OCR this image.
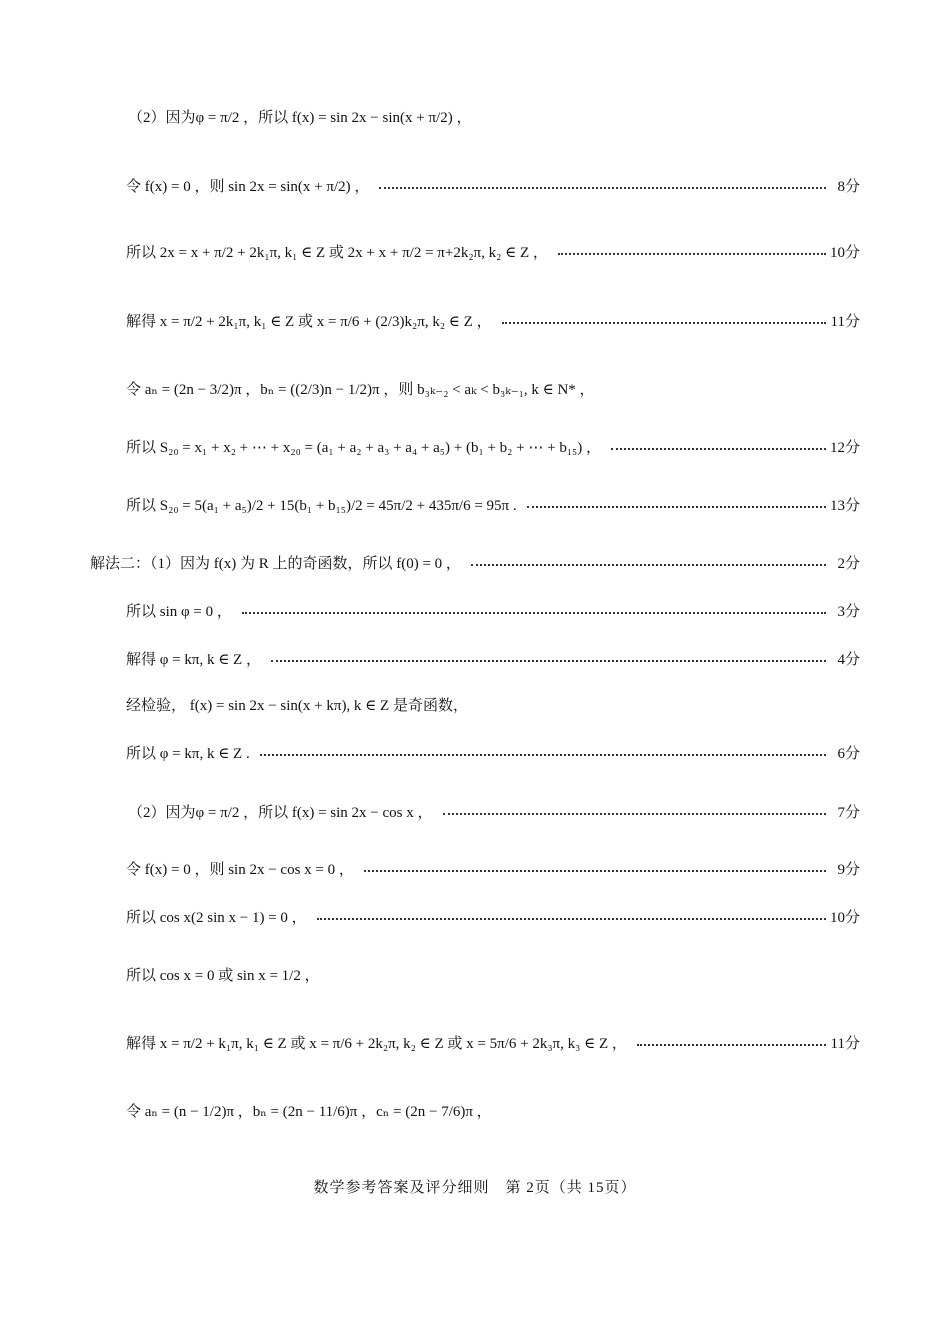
（2）因为φ = π/2 ，所以 f(x) = sin 2x − sin(x + π/2) ，
令 f(x) = 0 ，则 sin 2x = sin(x + π/2) ，	8分
所以 2x = x + π/2 + 2k₁π, k₁ ∈ Z 或 2x + x + π/2 = π+2k₂π, k₂ ∈ Z ，	10分
解得 x = π/2 + 2k₁π, k₁ ∈ Z 或 x = π/6 + (2/3)k₂π, k₂ ∈ Z ，	11分
令 aₙ = (2n − 3/2)π ，bₙ = ((2/3)n − 1/2)π ，则 b₃ₖ₋₂ < aₖ < b₃ₖ₋₁, k ∈ N* ，
所以 S₂₀ = x₁ + x₂ + ⋯ + x₂₀ = (a₁ + a₂ + a₃ + a₄ + a₅) + (b₁ + b₂ + ⋯ + b₁₅) ，	12分
所以 S₂₀ = 5(a₁ + a₅)/2 + 15(b₁ + b₁₅)/2 = 45π/2 + 435π/6 = 95π .	13分
解法二：（1）因为 f(x) 为 R 上的奇函数，所以 f(0) = 0 ，	2分
所以 sin φ = 0 ，	3分
解得 φ = kπ, k ∈ Z ，	4分
经检验， f(x) = sin 2x − sin(x + kπ), k ∈ Z 是奇函数，
所以 φ = kπ, k ∈ Z .	6分
（2）因为φ = π/2 ，所以 f(x) = sin 2x − cos x ，	7分
令 f(x) = 0 ，则 sin 2x − cos x = 0 ，	9分
所以 cos x(2 sin x − 1) = 0 ，	10分
所以 cos x = 0 或 sin x = 1/2 ，
解得 x = π/2 + k₁π, k₁ ∈ Z 或 x = π/6 + 2k₂π, k₂ ∈ Z 或 x = 5π/6 + 2k₃π, k₃ ∈ Z ，	11分
令 aₙ = (n − 1/2)π ，bₙ = (2n − 11/6)π ，cₙ = (2n − 7/6)π ，
数学参考答案及评分细则　第 2页（共 15页）
